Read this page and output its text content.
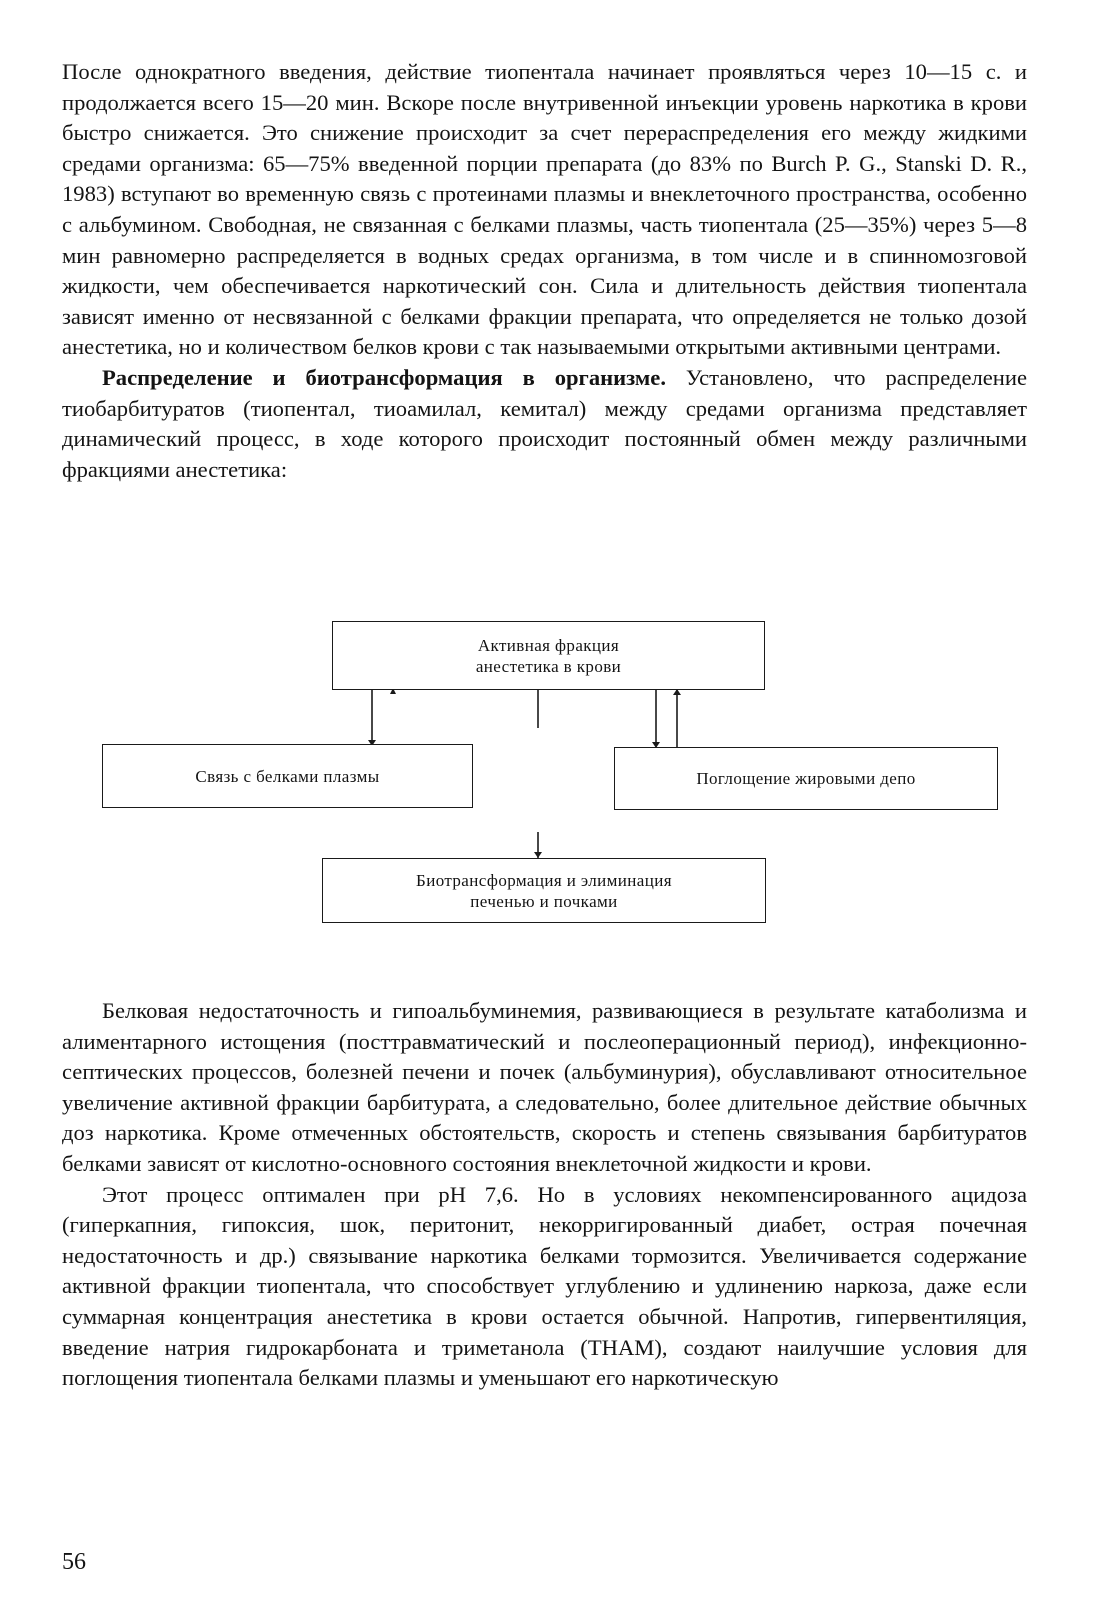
После однократного введения, действие тиопентала начинает проявляться через 10—15 с. и продолжается всего 15—20 мин. Вскоре после внутривенной инъекции уровень наркотика в крови быстро снижается. Это снижение происходит за счет перераспределения его между жидкими средами организма: 65—75% введенной порции препарата (до 83% по Burch P. G., Stanski D. R., 1983) вступают во временную связь с протеинами плазмы и внеклеточного пространства, особенно с альбумином. Свободная, не связанная с белками плазмы, часть тиопентала (25—35%) через 5—8 мин равномерно распределяется в водных средах организма, в том числе и в спинномозговой жидкости, чем обеспечивается наркотический сон. Сила и длительность действия тиопентала зависят именно от несвязанной с белками фракции препарата, что определяется не только дозой анестетика, но и количеством белков крови с так называемыми открытыми активными центрами.

Распределение и биотрансформация в организме. Установлено, что распределение тиобарбитуратов (тиопентал, тиоамилал, кемитал) между средами организма представляет динамический процесс, в ходе которого происходит постоянный обмен между различными фракциями анестетика:

Активная фракция
анестетика в крови
Связь с белками плазмы	Поглощение жировыми депо
Биотрансформация и элиминация
печенью и почками

Белковая недостаточность и гипоальбуминемия, развивающиеся в результате катаболизма и алиментарного истощения (посттравматический и послеоперационный период), инфекционно-септических процессов, болезней печени и почек (альбуминурия), обуславливают относительное увеличение активной фракции барбитурата, а следовательно, более длительное действие обычных доз наркотика. Кроме отмеченных обстоятельств, скорость и степень связывания барбитуратов белками зависят от кислотно-основного состояния внеклеточной жидкости и крови.

Этот процесс оптимален при рН 7,6. Но в условиях некомпенсированного ацидоза (гиперкапния, гипоксия, шок, перитонит, некорригированный диабет, острая почечная недостаточность и др.) связывание наркотика белками тормозится. Увеличивается содержание активной фракции тиопентала, что способствует углублению и удлинению наркоза, даже если суммарная концентрация анестетика в крови остается обычной. Напротив, гипервентиляция, введение натрия гидрокарбоната и триметанола (ТНАМ), создают наилучшие условия для поглощения тиопентала белками плазмы и уменьшают его наркотическую

56
